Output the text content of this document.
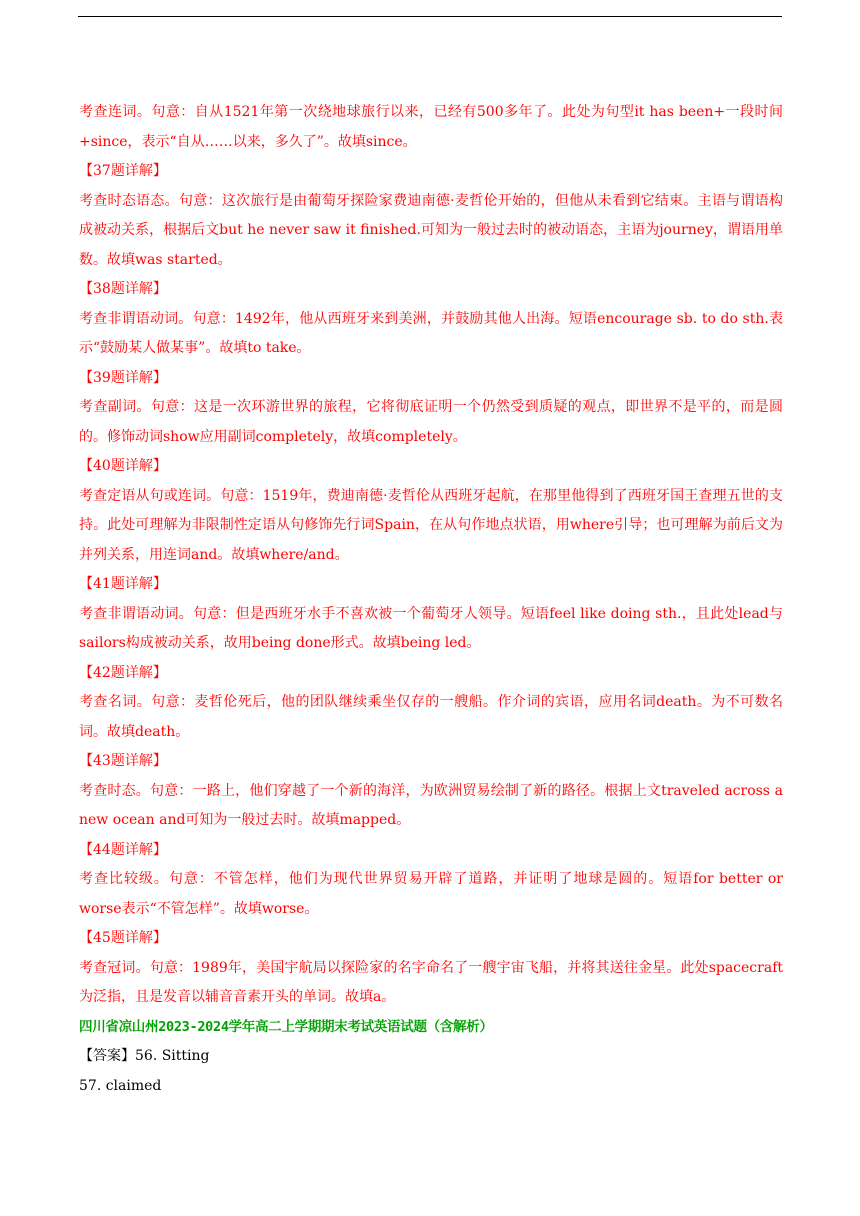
考查连词。句意：自从1521年第一次绕地球旅行以来，已经有500多年了。此处为句型it has been+一段时间+since，表示“自从……以来，多久了”。故填since。

【37题详解】

考查时态语态。句意：这次旅行是由葡萄牙探险家费迪南德·麦哲伦开始的，但他从未看到它结束。主语与谓语构成被动关系，根据后文but he never saw it finished.可知为一般过去时的被动语态，主语为journey，谓语用单数。故填was started。

【38题详解】

考查非谓语动词。句意：1492年，他从西班牙来到美洲，并鼓励其他人出海。短语encourage sb. to do sth.表示“鼓励某人做某事”。故填to take。

【39题详解】

考查副词。句意：这是一次环游世界的旅程，它将彻底证明一个仍然受到质疑的观点，即世界不是平的，而是圆的。修饰动词show应用副词completely，故填completely。

【40题详解】

考查定语从句或连词。句意：1519年，费迪南德·麦哲伦从西班牙起航，在那里他得到了西班牙国王查理五世的支持。此处可理解为非限制性定语从句修饰先行词Spain，在从句作地点状语，用where引导；也可理解为前后文为并列关系，用连词and。故填where/and。

【41题详解】

考查非谓语动词。句意：但是西班牙水手不喜欢被一个葡萄牙人领导。短语feel like doing sth.，且此处lead与sailors构成被动关系，故用being done形式。故填being led。

【42题详解】

考查名词。句意：麦哲伦死后，他的团队继续乘坐仅存的一艘船。作介词的宾语，应用名词death。为不可数名词。故填death。

【43题详解】

考查时态。句意：一路上，他们穿越了一个新的海洋，为欧洲贸易绘制了新的路径。根据上文traveled across a new ocean and可知为一般过去时。故填mapped。

【44题详解】

考查比较级。句意：不管怎样，他们为现代世界贸易开辟了道路，并证明了地球是圆的。短语for better or worse表示“不管怎样”。故填worse。

【45题详解】

考查冠词。句意：1989年，美国宇航局以探险家的名字命名了一艘宇宙飞船，并将其送往金星。此处spacecraft为泛指，且是发音以辅音音素开头的单词。故填a。

四川省凉山州2023-2024学年高二上学期期末考试英语试题（含解析）

【答案】56. Sitting

57. claimed
